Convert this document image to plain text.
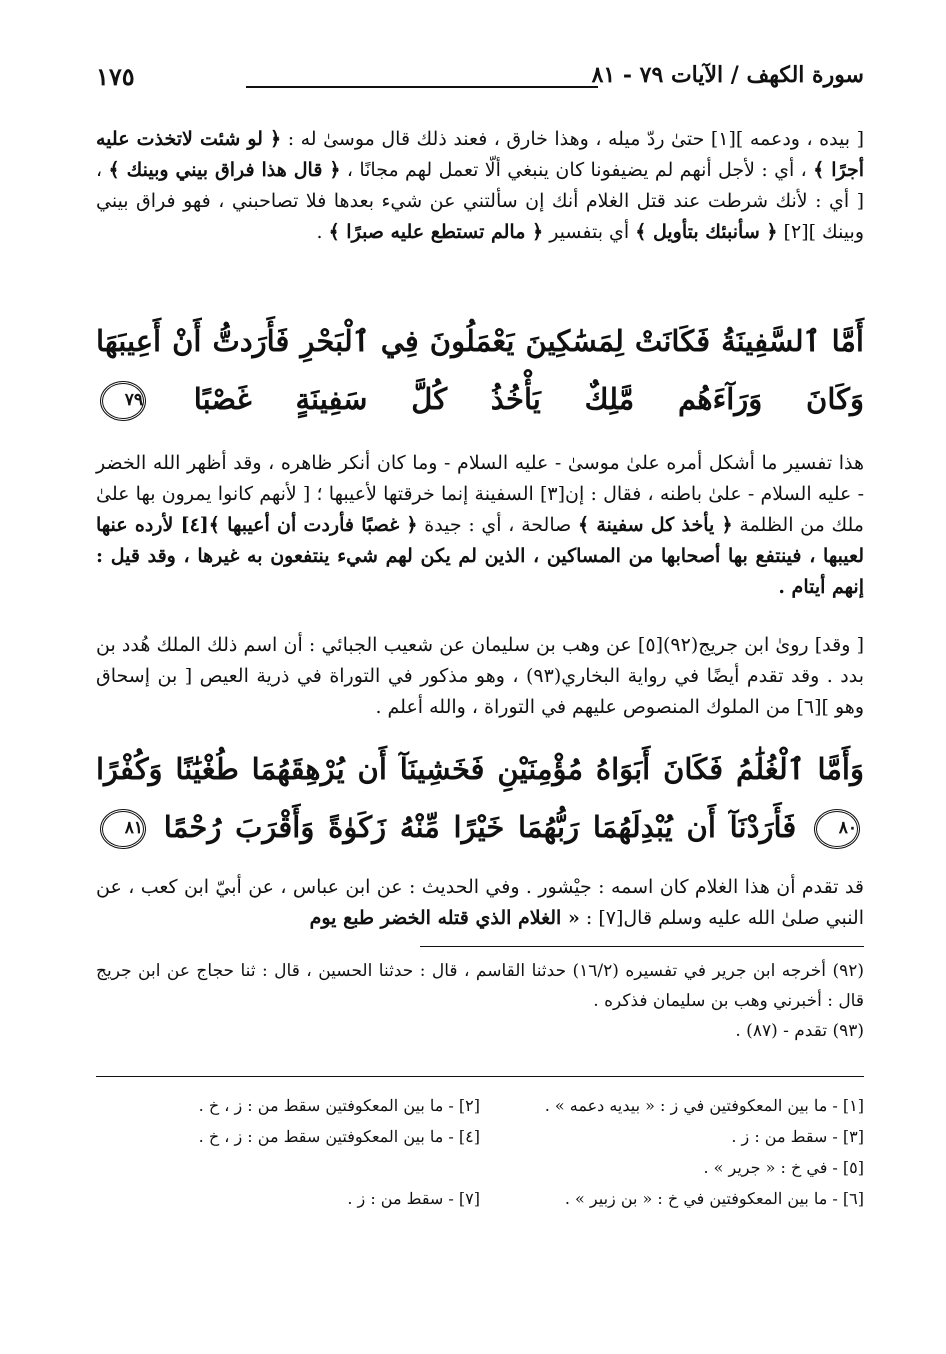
١٧٥	سورة الكهف / الآيات ٧٩ - ٨١
[ بيده ، ودعمه ][١] حتىٰ ردّ ميله ، وهذا خارق ، فعند ذلك قال موسىٰ له : ﴿ لو شئت لاتخذت عليه أجرًا ﴾ ، أي : لأجل أنهم لم يضيفونا كان ينبغي ألّا تعمل لهم مجانًا ، ﴿ قال هذا فراق بيني وبينك ﴾ ، [ أي : لأنك شرطت عند قتل الغلام أنك إن سألتني عن شيء بعدها فلا تصاحبني ، فهو فراق بيني وبينك ][٢] ﴿ سأنبئك بتأويل ﴾ أي بتفسير ﴿ مالم تستطع عليه صبرًا ﴾ .
أَمَّا ٱلسَّفِينَةُ فَكَانَتْ لِمَسَٰكِينَ يَعْمَلُونَ فِي ٱلْبَحْرِ فَأَرَدتُّ أَنْ أَعِيبَهَا وَكَانَ وَرَآءَهُم مَّلِكٌ يَأْخُذُ كُلَّ سَفِينَةٍ غَصْبًا ٧٩
هذا تفسير ما أشكل أمره علىٰ موسىٰ - عليه السلام - وما كان أنكر ظاهره ، وقد أظهر الله الخضر - عليه السلام - علىٰ باطنه ، فقال : إن[٣] السفينة إنما خرقتها لأعيبها ؛ [ لأنهم كانوا يمرون بها علىٰ ملك من الظلمة ﴿ يأخذ كل سفينة ﴾ صالحة ، أي : جيدة ﴿ غصبًا فأردت أن أعيبها ﴾[٤] لأرده عنها لعيبها ، فينتفع بها أصحابها من المساكين ، الذين لم يكن لهم شيء ينتفعون به غيرها ، وقد قيل : إنهم أيتام .
[ وقد] روىٰ ابن جريج(٩٢)[٥] عن وهب بن سليمان عن شعيب الجبائي : أن اسم ذلك الملك هُدد بن بدد . وقد تقدم أيضًا في رواية البخاري(٩٣) ، وهو مذكور في التوراة في ذرية العيص [ بن إسحاق وهو ][٦] من الملوك المنصوص عليهم في التوراة ، والله أعلم .
وَأَمَّا ٱلْغُلَٰمُ فَكَانَ أَبَوَاهُ مُؤْمِنَيْنِ فَخَشِينَآ أَن يُرْهِقَهُمَا طُغْيَٰنًا وَكُفْرًا ٨٠ فَأَرَدْنَآ أَن يُبْدِلَهُمَا رَبُّهُمَا خَيْرًا مِّنْهُ زَكَوٰةً وَأَقْرَبَ رُحْمًا ٨١
قد تقدم أن هذا الغلام كان اسمه : جيْشور . وفي الحديث : عن ابن عباس ، عن أبيّ ابن كعب ، عن النبي صلىٰ الله عليه وسلم قال[٧] : « الغلام الذي قتله الخضر طبع يوم
(٩٢) أخرجه ابن جرير في تفسيره (١٦/٢) حدثنا القاسم ، قال : حدثنا الحسين ، قال : ثنا حجاج عن ابن جريج قال : أخبرني وهب بن سليمان فذكره .
(٩٣) تقدم - (٨٧) .
[١] - ما بين المعكوفتين في ز : « بيديه دعمه » .
[٢] - ما بين المعكوفتين سقط من : ز ، خ .
[٣] - سقط من : ز .
[٤] - ما بين المعكوفتين سقط من : ز ، خ .
[٥] - في خ : « جرير » .
[٦] - ما بين المعكوفتين في خ : « بن زبير » .
[٧] - سقط من : ز .
